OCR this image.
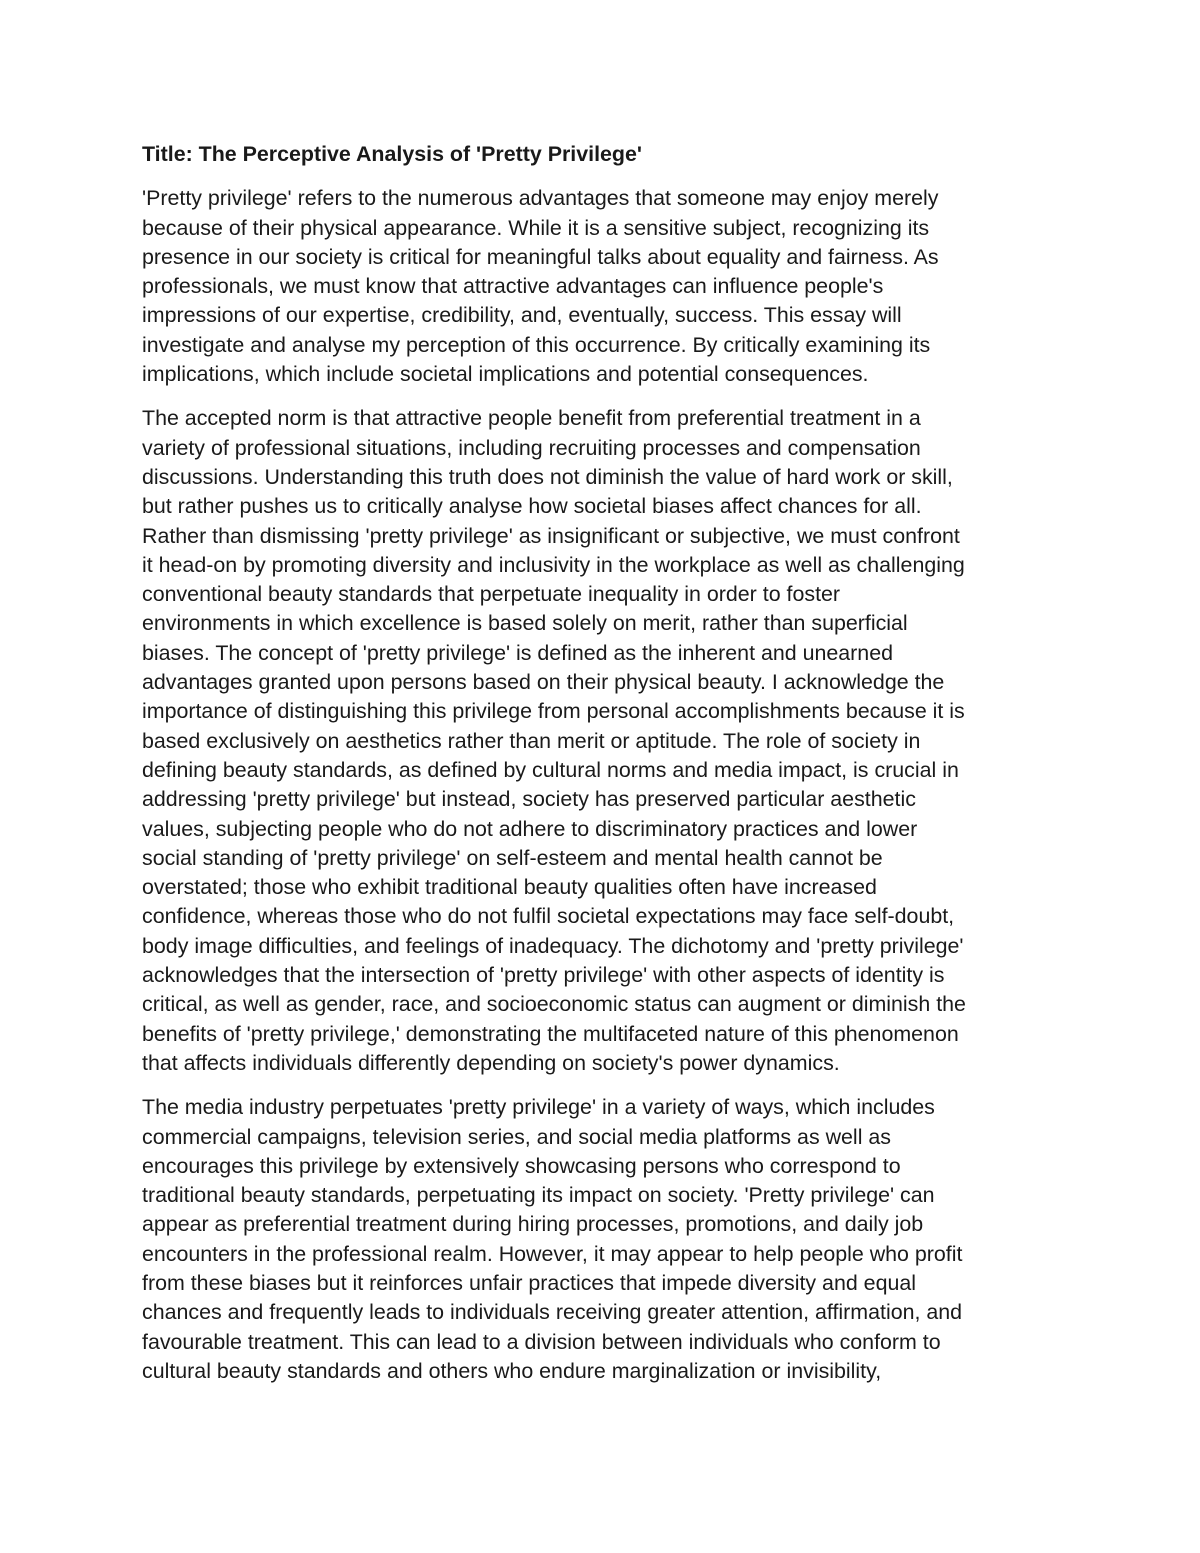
Title: The Perceptive Analysis of 'Pretty Privilege'
'Pretty privilege' refers to the numerous advantages that someone may enjoy merely
because of their physical appearance. While it is a sensitive subject, recognizing its
presence in our society is critical for meaningful talks about equality and fairness. As
professionals, we must know that attractive advantages can influence people's
impressions of our expertise, credibility, and, eventually, success. This essay will
investigate and analyse my perception of this occurrence. By critically examining its
implications, which include societal implications and potential consequences.
The accepted norm is that attractive people benefit from preferential treatment in a
variety of professional situations, including recruiting processes and compensation
discussions. Understanding this truth does not diminish the value of hard work or skill,
but rather pushes us to critically analyse how societal biases affect chances for all.
Rather than dismissing 'pretty privilege' as insignificant or subjective, we must confront
it head-on by promoting diversity and inclusivity in the workplace as well as challenging
conventional beauty standards that perpetuate inequality in order to foster
environments in which excellence is based solely on merit, rather than superficial
biases. The concept of 'pretty privilege' is defined as the inherent and unearned
advantages granted upon persons based on their physical beauty. I acknowledge the
importance of distinguishing this privilege from personal accomplishments because it is
based exclusively on aesthetics rather than merit or aptitude. The role of society in
defining beauty standards, as defined by cultural norms and media impact, is crucial in
addressing 'pretty privilege' but instead, society has preserved particular aesthetic
values, subjecting people who do not adhere to discriminatory practices and lower
social standing of 'pretty privilege' on self-esteem and mental health cannot be
overstated; those who exhibit traditional beauty qualities often have increased
confidence, whereas those who do not fulfil societal expectations may face self-doubt,
body image difficulties, and feelings of inadequacy. The dichotomy and 'pretty privilege'
acknowledges that the intersection of 'pretty privilege' with other aspects of identity is
critical, as well as gender, race, and socioeconomic status can augment or diminish the
benefits of 'pretty privilege,' demonstrating the multifaceted nature of this phenomenon
that affects individuals differently depending on society's power dynamics.
The media industry perpetuates 'pretty privilege' in a variety of ways, which includes
commercial campaigns, television series, and social media platforms as well as
encourages this privilege by extensively showcasing persons who correspond to
traditional beauty standards, perpetuating its impact on society. 'Pretty privilege' can
appear as preferential treatment during hiring processes, promotions, and daily job
encounters in the professional realm. However, it may appear to help people who profit
from these biases but it reinforces unfair practices that impede diversity and equal
chances and frequently leads to individuals receiving greater attention, affirmation, and
favourable treatment. This can lead to a division between individuals who conform to
cultural beauty standards and others who endure marginalization or invisibility,
